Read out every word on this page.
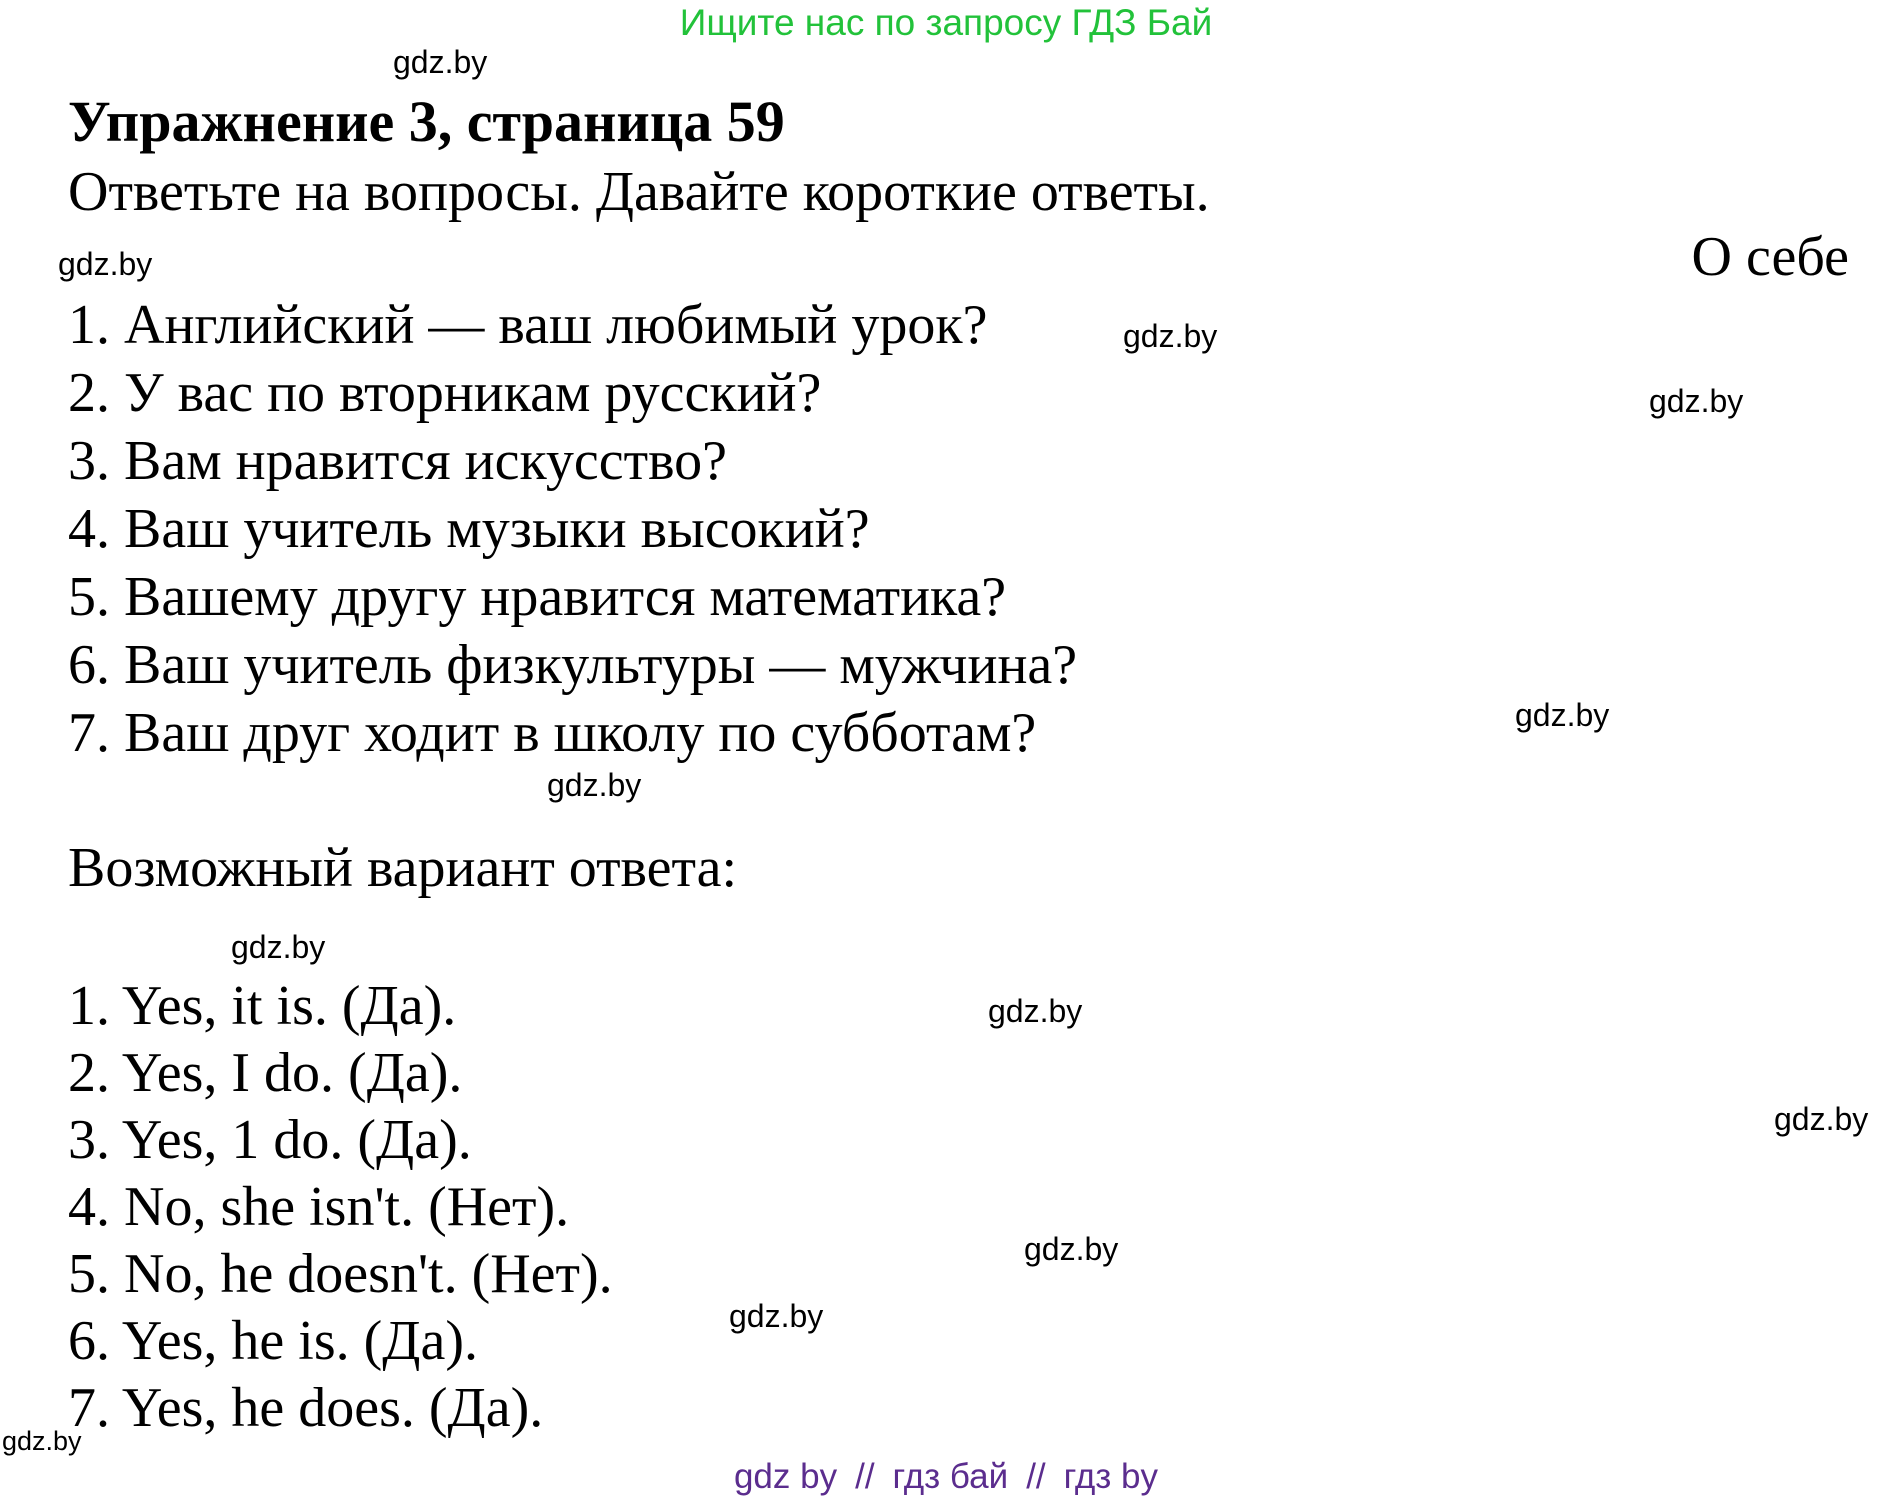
Ищите нас по запросу ГДЗ Бай
Упражнение 3, страница 59
Ответьте на вопросы. Давайте короткие ответы.
О себе
1. Английский — ваш любимый урок?
2. У вас по вторникам русский?
3. Вам нравится искусство?
4. Ваш учитель музыки высокий?
5. Вашему другу нравится математика?
6. Ваш учитель физкультуры — мужчина?
7. Ваш друг ходит в школу по субботам?
Возможный вариант ответа:
1. Yes, it is. (Да).
2. Yes, I do. (Да).
3. Yes, 1 do. (Да).
4. No, she isn't. (Нет).
5. No, he doesn't. (Нет).
6. Yes, he is. (Да).
7. Yes, he does. (Да).
gdz.by
gdz.by
gdz.by
gdz.by
gdz.by
gdz.by
gdz.by
gdz.by
gdz.by
gdz.by
gdz.by
gdz.by
gdz by // гдз бай // гдз by
